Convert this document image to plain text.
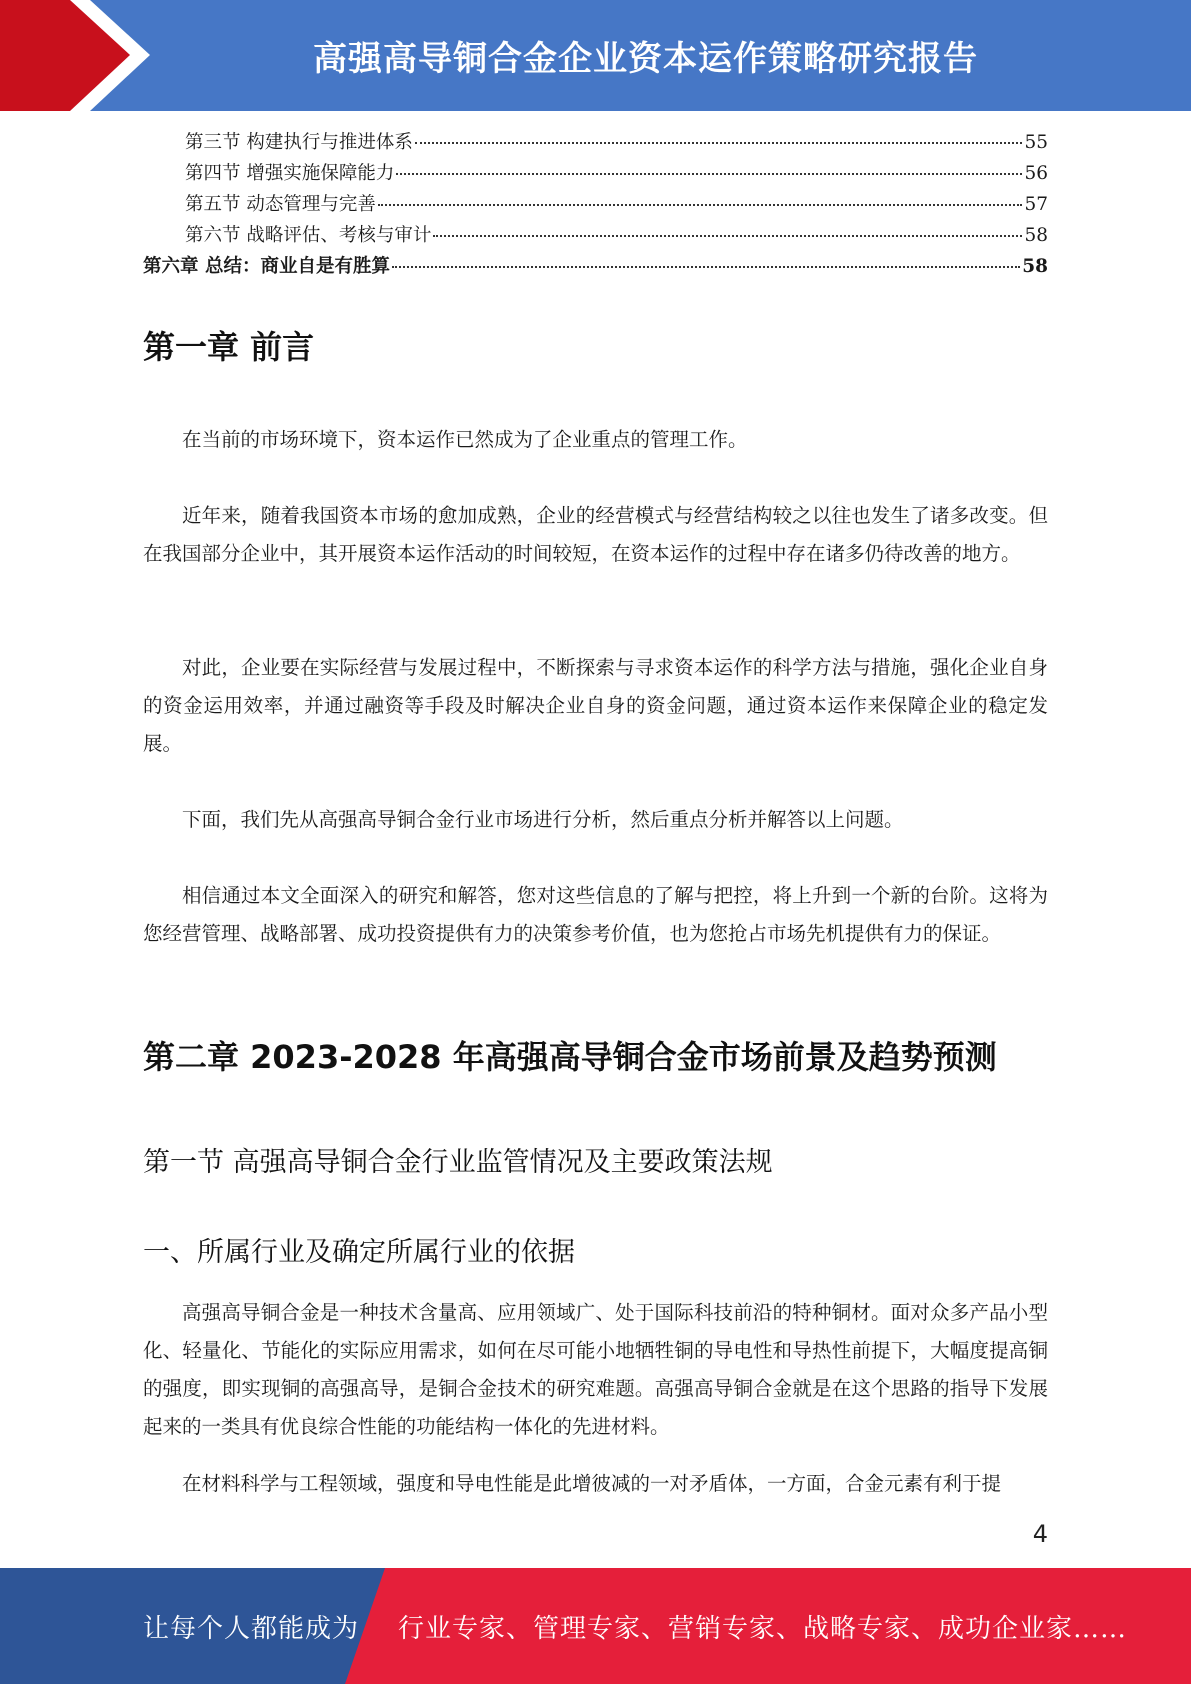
高强高导铜合金企业资本运作策略研究报告
第三节 构建执行与推进体系	55
第四节 增强实施保障能力	56
第五节 动态管理与完善	57
第六节 战略评估、考核与审计	58
第六章 总结：商业自是有胜算	58
第一章 前言

在当前的市场环境下，资本运作已然成为了企业重点的管理工作。

近年来，随着我国资本市场的愈加成熟，企业的经营模式与经营结构较之以往也发生了诸多改变。但在我国部分企业中，其开展资本运作活动的时间较短，在资本运作的过程中存在诸多仍待改善的地方。

对此，企业要在实际经营与发展过程中，不断探索与寻求资本运作的科学方法与措施，强化企业自身的资金运用效率，并通过融资等手段及时解决企业自身的资金问题，通过资本运作来保障企业的稳定发展。

下面，我们先从高强高导铜合金行业市场进行分析，然后重点分析并解答以上问题。

相信通过本文全面深入的研究和解答，您对这些信息的了解与把控，将上升到一个新的台阶。这将为您经营管理、战略部署、成功投资提供有力的决策参考价值，也为您抢占市场先机提供有力的保证。

第二章 2023-2028 年高强高导铜合金市场前景及趋势预测
第一节 高强高导铜合金行业监管情况及主要政策法规
一、所属行业及确定所属行业的依据

高强高导铜合金是一种技术含量高、应用领域广、处于国际科技前沿的特种铜材。面对众多产品小型化、轻量化、节能化的实际应用需求，如何在尽可能小地牺牲铜的导电性和导热性前提下，大幅度提高铜的强度，即实现铜的高强高导，是铜合金技术的研究难题。高强高导铜合金就是在这个思路的指导下发展起来的一类具有优良综合性能的功能结构一体化的先进材料。

在材料科学与工程领域，强度和导电性能是此增彼减的一对矛盾体，一方面，合金元素有利于提

4
让每个人都能成为 行业专家、管理专家、营销专家、战略专家、成功企业家……
